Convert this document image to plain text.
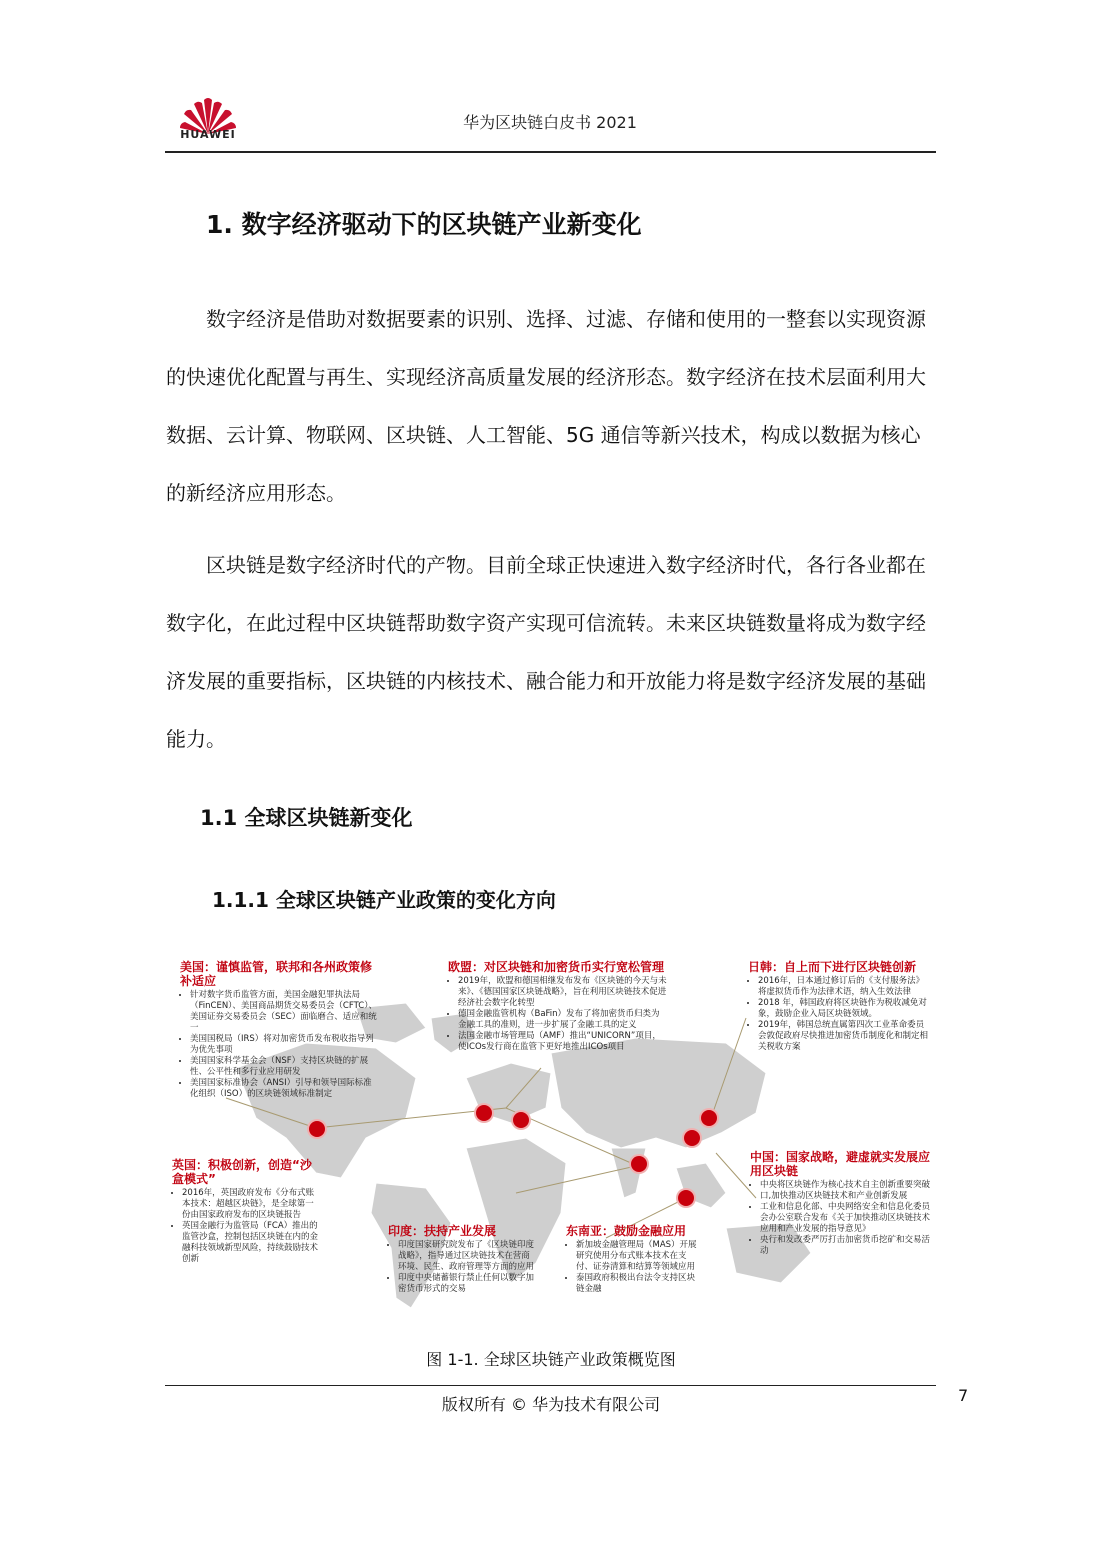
HUAWEI
华为区块链白皮书 2021
1. 数字经济驱动下的区块链产业新变化
数字经济是借助对数据要素的识别、选择、过滤、存储和使用的一整套以实现资源的快速优化配置与再生、实现经济高质量发展的经济形态。数字经济在技术层面利用大数据、云计算、物联网、区块链、人工智能、5G 通信等新兴技术，构成以数据为核心的新经济应用形态。
区块链是数字经济时代的产物。目前全球正快速进入数字经济时代，各行各业都在数字化，在此过程中区块链帮助数字资产实现可信流转。未来区块链数量将成为数字经济发展的重要指标，区块链的内核技术、融合能力和开放能力将是数字经济发展的基础能力。
1.1 全球区块链新变化
1.1.1 全球区块链产业政策的变化方向
美国：谨慎监管，联邦和各州政策修补适应
• 针对数字货币监管方面，美国金融犯罪执法局（FinCEN）、美国商品期货交易委员会（CFTC）、美国证券交易委员会（SEC）面临磨合、适应和统一
• 美国国税局（IRS）将对加密货币发布税收指导列为优先事项
• 美国国家科学基金会（NSF）支持区块链的扩展性、公平性和多行业应用研发
• 美国国家标准协会（ANSI）引导和领导国际标准化组织（ISO）的区块链领域标准制定
欧盟：对区块链和加密货币实行宽松管理
• 2019年，欧盟和德国相继发布发布《区块链的今天与未来》、《德国国家区块链战略》，旨在利用区块链技术促进经济社会数字化转型
• 德国金融监管机构（BaFin）发布了将加密货币归类为金融工具的准则，进一步扩展了金融工具的定义
• 法国金融市场管理局（AMF）推出“UNICORN”项目，使ICOs发行商在监管下更好地推出ICOs项目
日韩：自上而下进行区块链创新
• 2016年，日本通过修订后的《支付服务法》将虚拟货币作为法律术语，纳入生效法律
• 2018 年，韩国政府将区块链作为税收减免对象，鼓励企业入局区块链领域。
• 2019年，韩国总统直属第四次工业革命委员会敦促政府尽快推进加密货币制度化和制定相关税收方案
英国：积极创新，创造“沙盒模式”
• 2016年，英国政府发布《分布式账本技术：超越区块链》，是全球第一份由国家政府发布的区块链报告
• 英国金融行为监管局（FCA）推出的监管沙盒，控制包括区块链在内的金融科技领域新型风险，持续鼓励技术创新
中国：国家战略，避虚就实发展应用区块链
• 中央将区块链作为核心技术自主创新重要突破口,加快推动区块链技术和产业创新发展
• 工业和信息化部、中央网络安全和信息化委员会办公室联合发布《关于加快推动区块链技术应用和产业发展的指导意见》
• 央行和发改委严厉打击加密货币挖矿和交易活动
印度：扶持产业发展
• 印度国家研究院发布了《区块链印度战略》，指导通过区块链技术在营商环境、民生、政府管理等方面的应用
• 印度中央储蓄银行禁止任何以数字加密货币形式的交易
东南亚：鼓励金融应用
• 新加坡金融管理局（MAS）开展研究使用分布式账本技术在支付、证券清算和结算等领域应用
• 泰国政府积极出台法令支持区块链金融
图 1-1. 全球区块链产业政策概览图
版权所有 © 华为技术有限公司	7
